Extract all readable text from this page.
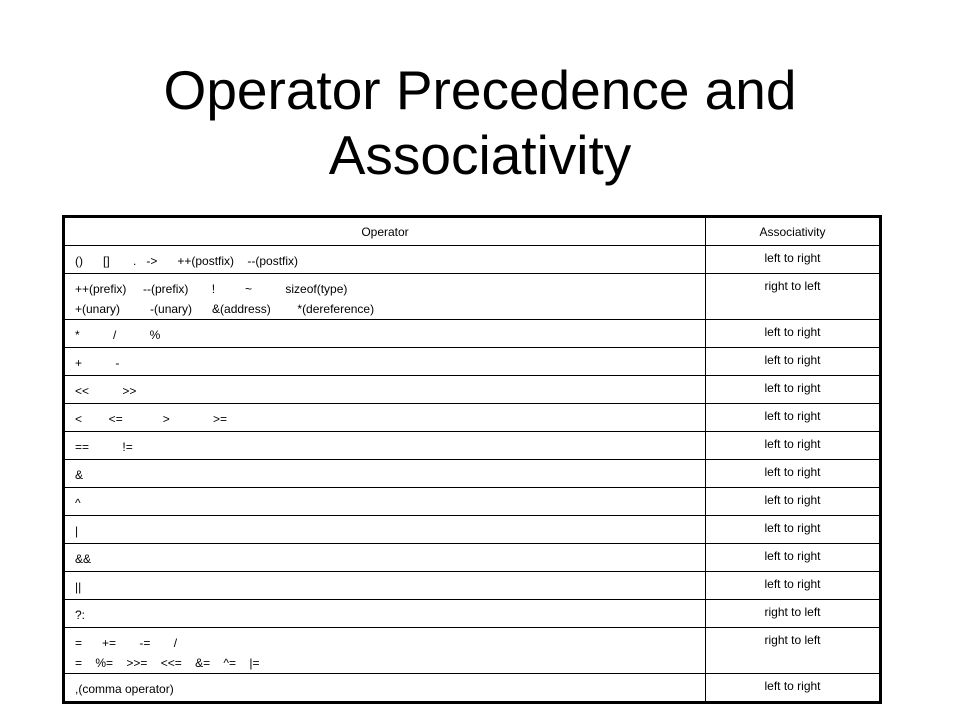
Operator Precedence and
Associativity
Operator	Associativity

()      []       .   ->      ++(postfix)    --(postfix)	left to right

++(prefix)     --(prefix)       !         ~          sizeof(type)
+(unary)         -(unary)      &(address)        *(dereference)	right to left

*          /          %	left to right

+          -	left to right

<<          >>	left to right

<        <=            >             >=	left to right

==          !=	left to right

&	left to right

^	left to right

|	left to right

&&	left to right

||	left to right

?:	right to left

=      +=       -=       /
=    %=    >>=    <<=    &=    ^=    |=	right to left

,(comma operator)	left to right
